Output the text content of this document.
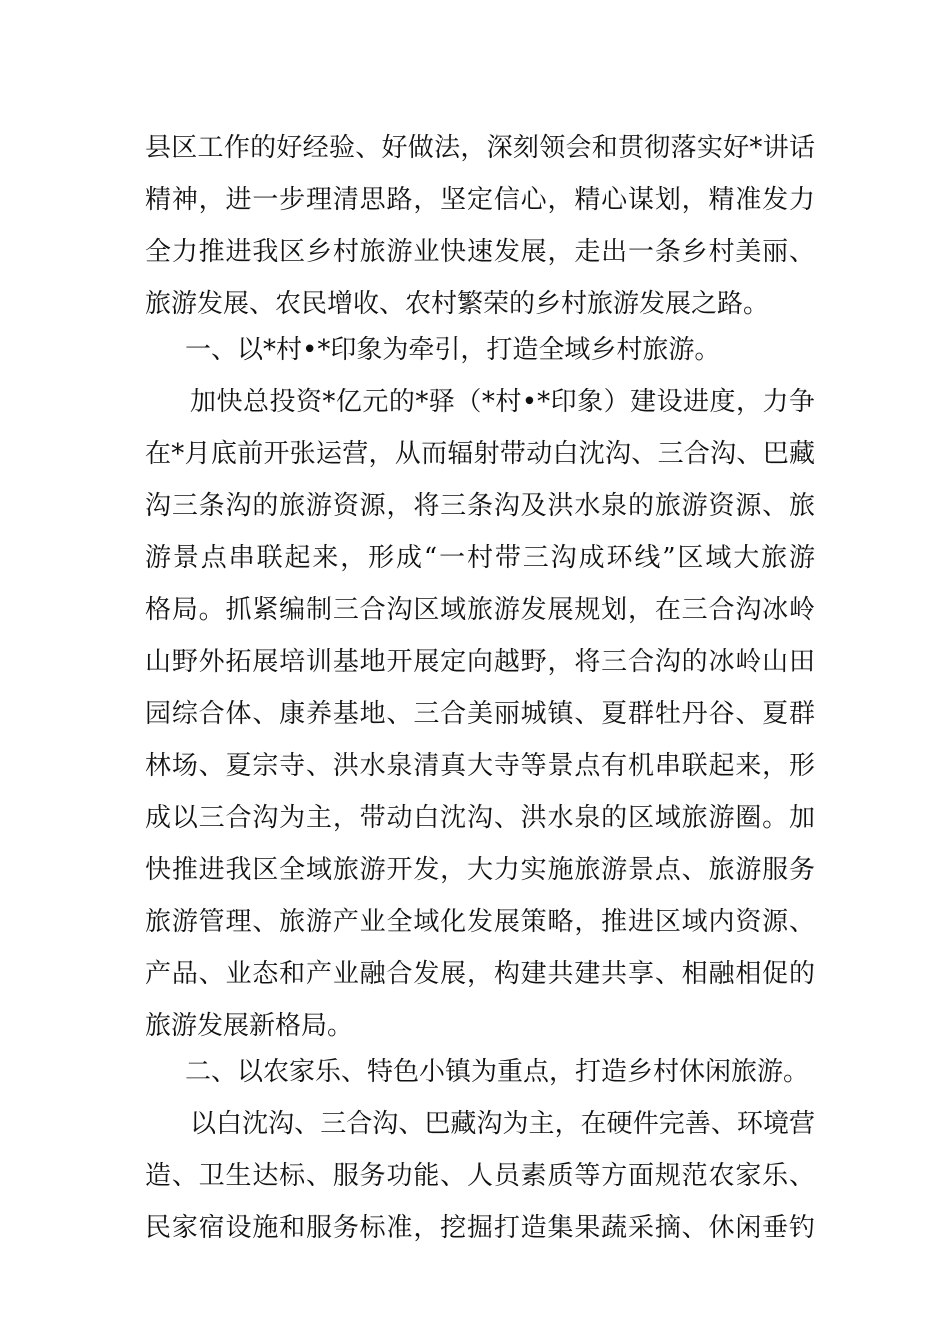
县区工作的好经验、好做法，深刻领会和贯彻落实好*讲话
精神，进一步理清思路，坚定信心，精心谋划，精准发力
全力推进我区乡村旅游业快速发展，走出一条乡村美丽、
旅游发展、农民增收、农村繁荣的乡村旅游发展之路。
一、以*村•*印象为牵引，打造全域乡村旅游。
加快总投资*亿元的*驿（*村•*印象）建设进度，力争
在*月底前开张运营，从而辐射带动白沈沟、三合沟、巴藏
沟三条沟的旅游资源，将三条沟及洪水泉的旅游资源、旅
游景点串联起来，形成“一村带三沟成环线”区域大旅游
格局。抓紧编制三合沟区域旅游发展规划，在三合沟冰岭
山野外拓展培训基地开展定向越野，将三合沟的冰岭山田
园综合体、康养基地、三合美丽城镇、夏群牡丹谷、夏群
林场、夏宗寺、洪水泉清真大寺等景点有机串联起来，形
成以三合沟为主，带动白沈沟、洪水泉的区域旅游圈。加
快推进我区全域旅游开发，大力实施旅游景点、旅游服务
旅游管理、旅游产业全域化发展策略，推进区域内资源、
产品、业态和产业融合发展，构建共建共享、相融相促的
旅游发展新格局。
二、以农家乐、特色小镇为重点，打造乡村休闲旅游。
以白沈沟、三合沟、巴藏沟为主，在硬件完善、环境营
造、卫生达标、服务功能、人员素质等方面规范农家乐、
民家宿设施和服务标准，挖掘打造集果蔬采摘、休闲垂钓
